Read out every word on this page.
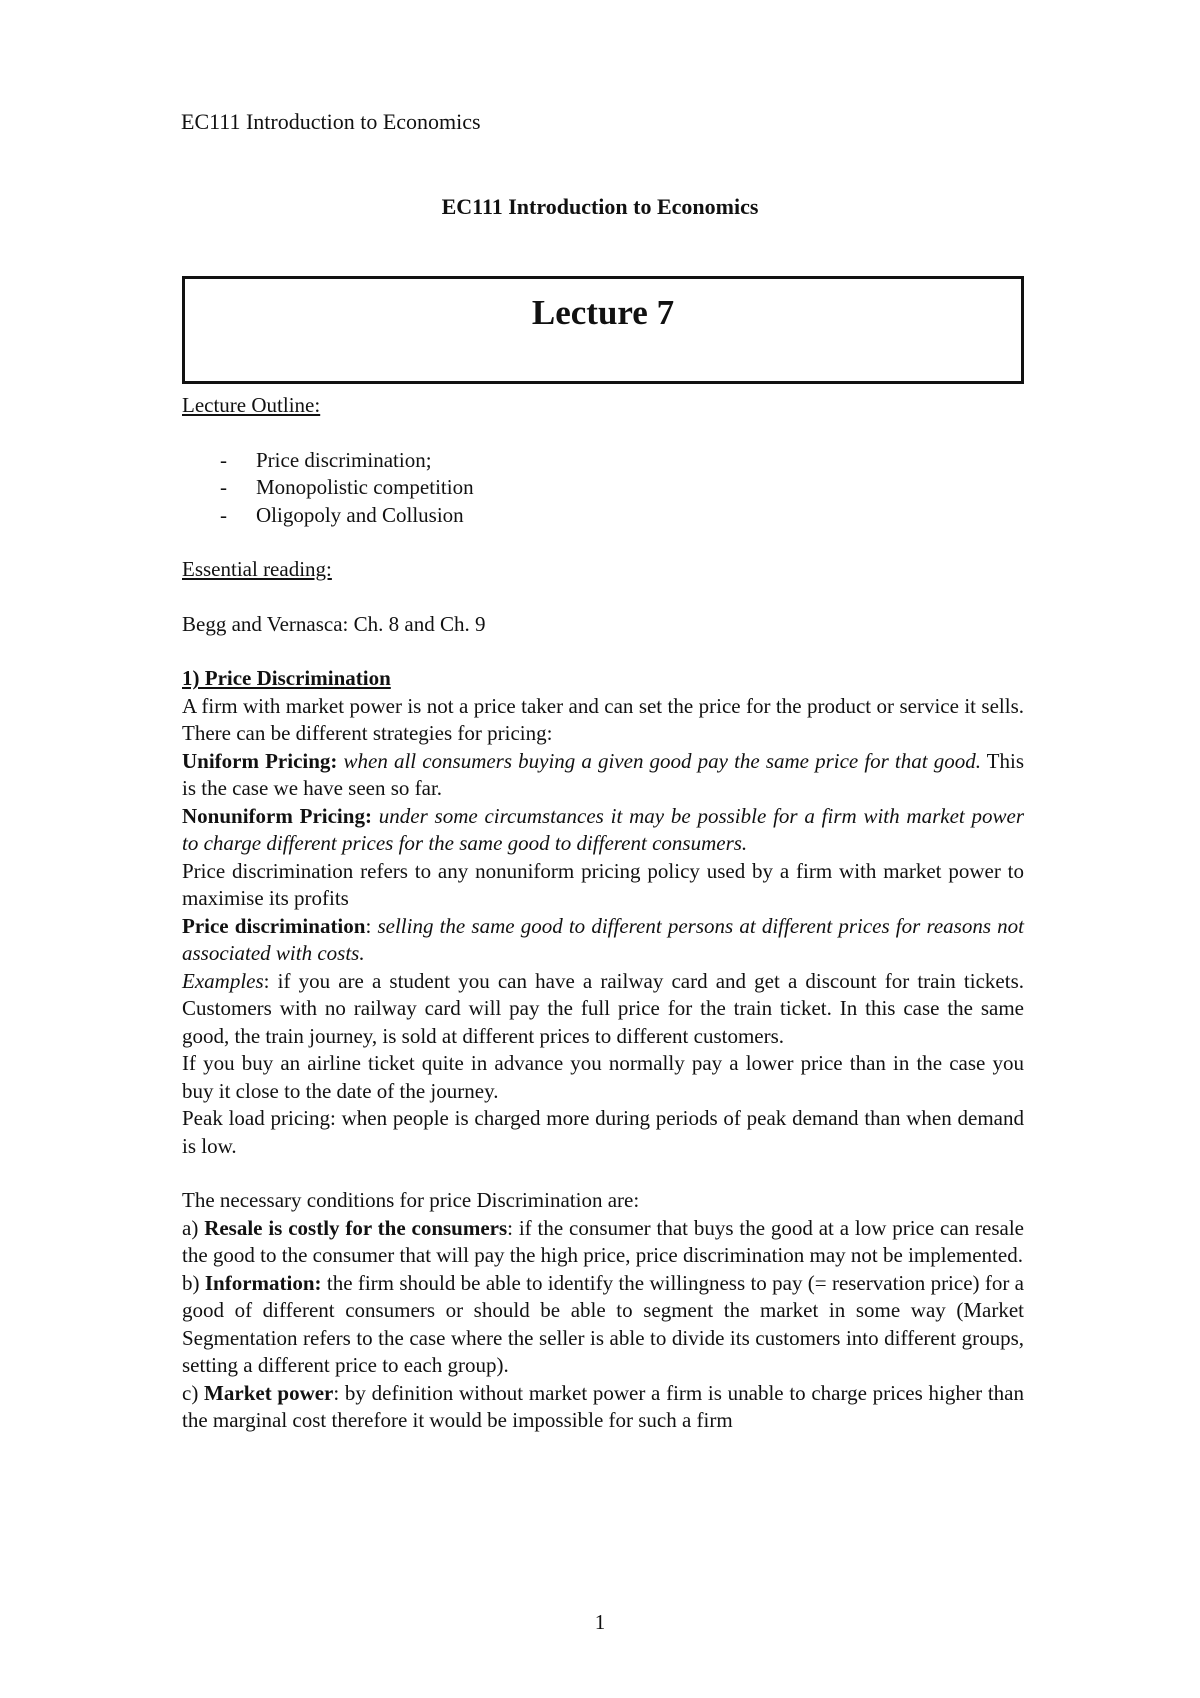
EC111 Introduction to Economics
EC111 Introduction to Economics
Lecture 7

Lecture Outline:

- Price discrimination;
- Monopolistic competition
- Oligopoly and Collusion

Essential reading:

Begg and Vernasca: Ch. 8 and Ch. 9

1) Price Discrimination

A firm with market power is not a price taker and can set the price for the product or service it sells. There can be different strategies for pricing:

Uniform Pricing: when all consumers buying a given good pay the same price for that good. This is the case we have seen so far.

Nonuniform Pricing: under some circumstances it may be possible for a firm with market power to charge different prices for the same good to different consumers.

Price discrimination refers to any nonuniform pricing policy used by a firm with market power to maximise its profits

Price discrimination: selling the same good to different persons at different prices for reasons not associated with costs.

Examples: if you are a student you can have a railway card and get a discount for train tickets. Customers with no railway card will pay the full price for the train ticket. In this case the same good, the train journey, is sold at different prices to different customers.

If you buy an airline ticket quite in advance you normally pay a lower price than in the case you buy it close to the date of the journey.

Peak load pricing: when people is charged more during periods of peak demand than when demand is low.

The necessary conditions for price Discrimination are:

a) Resale is costly for the consumers: if the consumer that buys the good at a low price can resale the good to the consumer that will pay the high price, price discrimination may not be implemented.

b) Information: the firm should be able to identify the willingness to pay (= reservation price) for a good of different consumers or should be able to segment the market in some way (Market Segmentation refers to the case where the seller is able to divide its customers into different groups, setting a different price to each group).

c) Market power: by definition without market power a firm is unable to charge prices higher than the marginal cost therefore it would be impossible for such a firm

1
